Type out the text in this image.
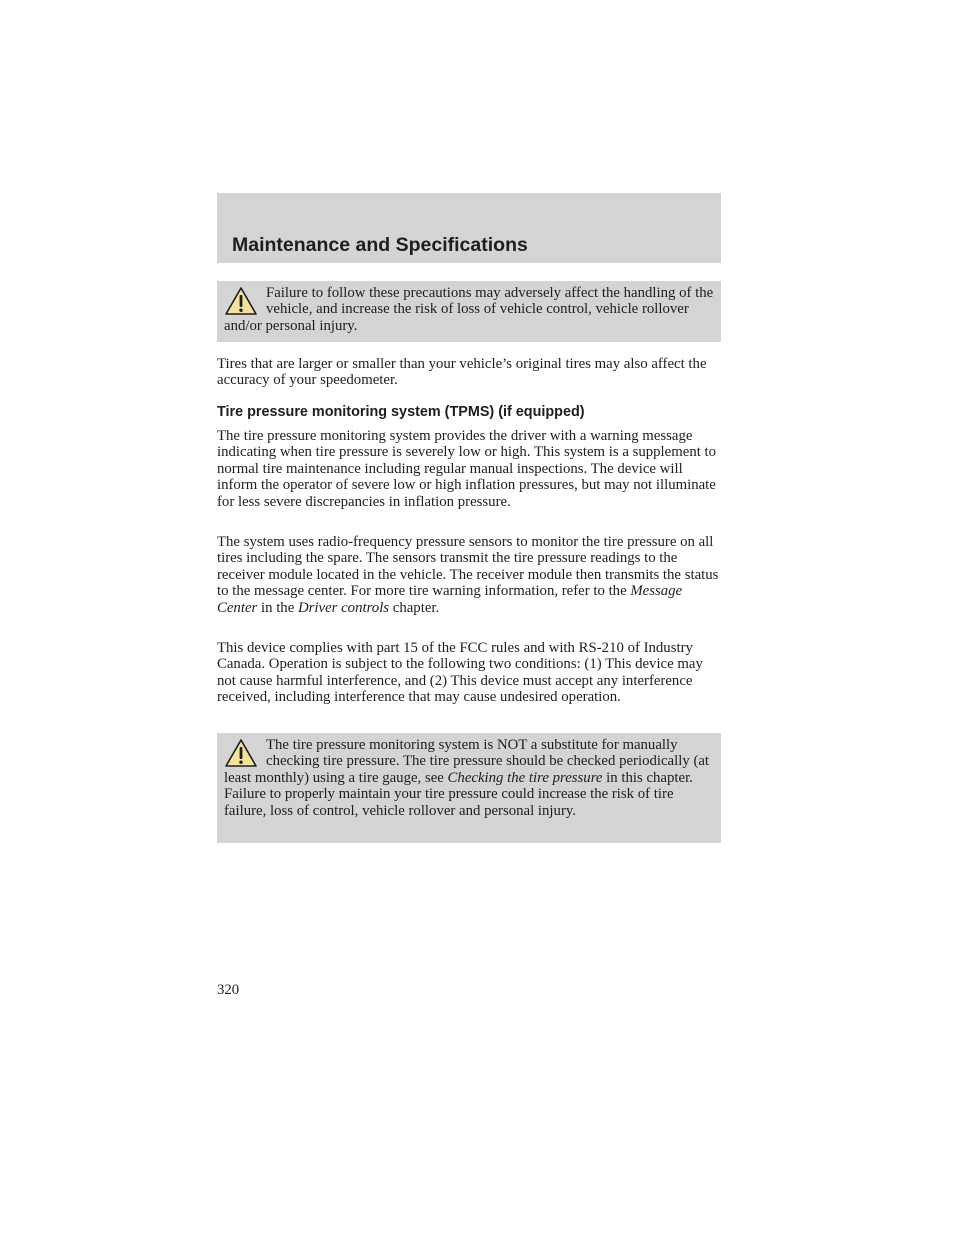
Maintenance and Specifications

Failure to follow these precautions may adversely affect the handling of the vehicle, and increase the risk of loss of vehicle control, vehicle rollover and/or personal injury.

Tires that are larger or smaller than your vehicle’s original tires may also affect the accuracy of your speedometer.

Tire pressure monitoring system (TPMS) (if equipped)

The tire pressure monitoring system provides the driver with a warning message indicating when tire pressure is severely low or high. This system is a supplement to normal tire maintenance including regular manual inspections. The device will inform the operator of severe low or high inflation pressures, but may not illuminate for less severe discrepancies in inflation pressure.

The system uses radio-frequency pressure sensors to monitor the tire pressure on all tires including the spare. The sensors transmit the tire pressure readings to the receiver module located in the vehicle. The receiver module then transmits the status to the message center. For more tire warning information, refer to the Message Center in the Driver controls chapter.

This device complies with part 15 of the FCC rules and with RS-210 of Industry Canada. Operation is subject to the following two conditions: (1) This device may not cause harmful interference, and (2) This device must accept any interference received, including interference that may cause undesired operation.

The tire pressure monitoring system is NOT a substitute for manually checking tire pressure. The tire pressure should be checked periodically (at least monthly) using a tire gauge, see Checking the tire pressure in this chapter. Failure to properly maintain your tire pressure could increase the risk of tire failure, loss of control, vehicle rollover and personal injury.

320
